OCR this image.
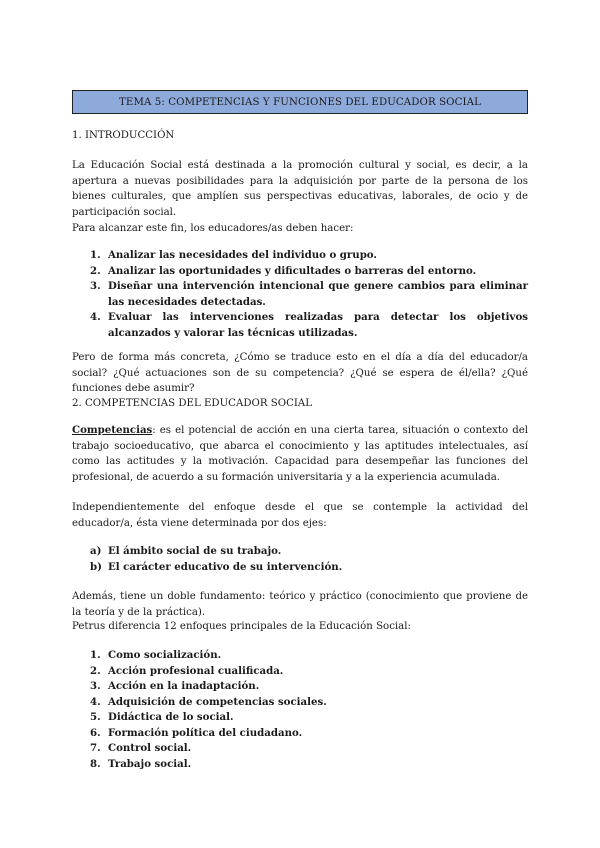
TEMA 5: COMPETENCIAS Y FUNCIONES DEL EDUCADOR SOCIAL
1. INTRODUCCIÓN
La Educación Social está destinada a la promoción cultural y social, es decir, a la apertura a nuevas posibilidades para la adquisición por parte de la persona de los bienes culturales, que amplíen sus perspectivas educativas, laborales, de ocio y de participación social.
Para alcanzar este fin, los educadores/as deben hacer:
1. Analizar las necesidades del individuo o grupo.
2. Analizar las oportunidades y dificultades o barreras del entorno.
3. Diseñar una intervención intencional que genere cambios para eliminar las necesidades detectadas.
4. Evaluar las intervenciones realizadas para detectar los objetivos alcanzados y valorar las técnicas utilizadas.
Pero de forma más concreta, ¿Cómo se traduce esto en el día a día del educador/a social? ¿Qué actuaciones son de su competencia? ¿Qué se espera de él/ella? ¿Qué funciones debe asumir?
2. COMPETENCIAS DEL EDUCADOR SOCIAL
Competencias: es el potencial de acción en una cierta tarea, situación o contexto del trabajo socioeducativo, que abarca el conocimiento y las aptitudes intelectuales, así como las actitudes y la motivación. Capacidad para desempeñar las funciones del profesional, de acuerdo a su formación universitaria y a la experiencia acumulada.
Independientemente del enfoque desde el que se contemple la actividad del educador/a, ésta viene determinada por dos ejes:
a) El ámbito social de su trabajo.
b) El carácter educativo de su intervención.
Además, tiene un doble fundamento: teórico y práctico (conocimiento que proviene de la teoría y de la práctica).
Petrus diferencia 12 enfoques principales de la Educación Social:
1. Como socialización.
2. Acción profesional cualificada.
3. Acción en la inadaptación.
4. Adquisición de competencias sociales.
5. Didáctica de lo social.
6. Formación política del ciudadano.
7. Control social.
8. Trabajo social.
